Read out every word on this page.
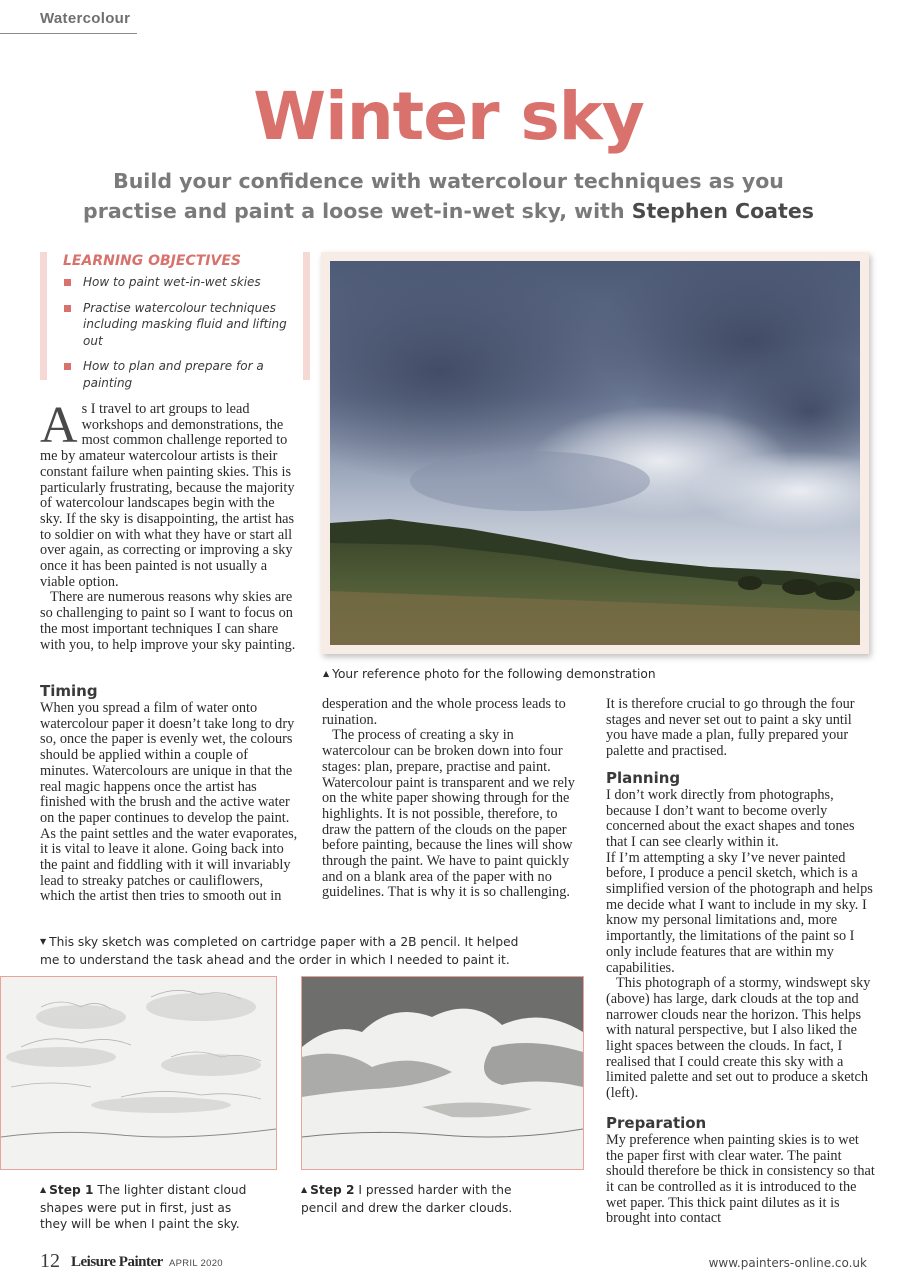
Watercolour
Winter sky
Build your confidence with watercolour techniques as you
practise and paint a loose wet-in-wet sky, with Stephen Coates
LEARNING OBJECTIVES
How to paint wet-in-wet skies
Practise watercolour techniques including masking fluid and lifting out
How to plan and prepare for a painting

As I travel to art groups to lead workshops and demonstrations, the most common challenge reported to me by amateur watercolour artists is their constant failure when painting skies. This is particularly frustrating, because the majority of watercolour landscapes begin with the sky. If the sky is disappointing, the artist has to soldier on with what they have or start all over again, as correcting or improving a sky once it has been painted is not usually a viable option.

There are numerous reasons why skies are so challenging to paint so I want to focus on the most important techniques I can share with you, to help improve your sky painting.

▲ Your reference photo for the following demonstration
Timing

When you spread a film of water onto watercolour paper it doesn’t take long to dry so, once the paper is evenly wet, the colours should be applied within a couple of minutes. Watercolours are unique in that the real magic happens once the artist has finished with the brush and the active water on the paper continues to develop the paint. As the paint settles and the water evaporates, it is vital to leave it alone. Going back into the paint and fiddling with it will invariably lead to streaky patches or cauliflowers, which the artist then tries to smooth out in

desperation and the whole process leads to ruination.

The process of creating a sky in watercolour can be broken down into four stages: plan, prepare, practise and paint. Watercolour paint is transparent and we rely on the white paper showing through for the highlights. It is not possible, therefore, to draw the pattern of the clouds on the paper before painting, because the lines will show through the paint. We have to paint quickly and on a blank area of the paper with no guidelines. That is why it is so challenging.

It is therefore crucial to go through the four stages and never set out to paint a sky until you have made a plan, fully prepared your palette and practised.

Planning

I don’t work directly from photographs, because I don’t want to become overly concerned about the exact shapes and tones that I can see clearly within it.

If I’m attempting a sky I’ve never painted before, I produce a pencil sketch, which is a simplified version of the photograph and helps me decide what I want to include in my sky. I know my personal limitations and, more importantly, the limitations of the paint so I only include features that are within my capabilities.

This photograph of a stormy, windswept sky (above) has large, dark clouds at the top and narrower clouds near the horizon. This helps with natural perspective, but I also liked the light spaces between the clouds. In fact, I realised that I could create this sky with a limited palette and set out to produce a sketch (left).

Preparation

My preference when painting skies is to wet the paper first with clear water. The paint should therefore be thick in consistency so that it can be controlled as it is introduced to the wet paper. This thick paint dilutes as it is brought into contact

▼ This sky sketch was completed on cartridge paper with a 2B pencil. It helped me to understand the task ahead and the order in which I needed to paint it.
▲ Step 1 The lighter distant cloud shapes were put in first, just as they will be when I paint the sky.
▲ Step 2 I pressed harder with the pencil and drew the darker clouds.
12 Leisure Painter APRIL 2020	www.painters-online.co.uk
